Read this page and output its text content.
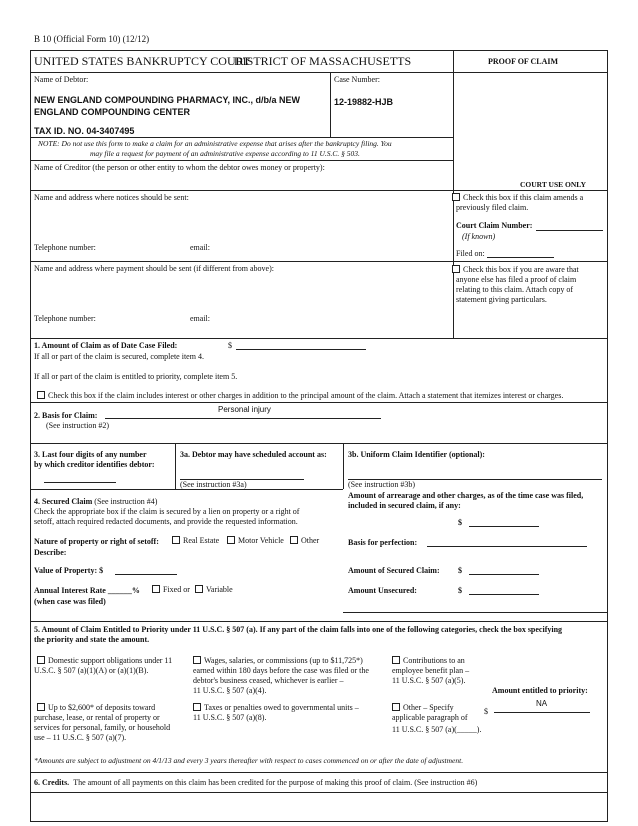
B 10 (Official Form 10) (12/12)
UNITED STATES BANKRUPTCY COURT
DISTRICT OF MASSACHUSETTS	PROOF OF CLAIM
Name of Debtor:	Case Number:
NEW ENGLAND COMPOUNDING PHARMACY, INC., d/b/a NEW
ENGLAND COMPOUNDING CENTER
12-19882-HJB
TAX ID. NO. 04-3407495
NOTE: Do not use this form to make a claim for an administrative expense that arises after the bankruptcy filing. You
may file a request for payment of an administrative expense according to 11 U.S.C. § 503.
Name of Creditor (the person or other entity to whom the debtor owes money or property):
COURT USE ONLY
Name and address where notices should be sent:
Telephone number:	email:
Name and address where payment should be sent (if different from above):
Telephone number:	email:
Check this box if this claim amends a
previously filed claim.
Court Claim Number:
(If known)
Filed on:
Check this box if you are aware that
anyone else has filed a proof of claim
relating to this claim. Attach copy of
statement giving particulars.
1. Amount of Claim as of Date Case Filed:	$
If all or part of the claim is secured, complete item 4.
If all or part of the claim is entitled to priority, complete item 5.
Check this box if the claim includes interest or other charges in addition to the principal amount of the claim. Attach a statement that itemizes interest or charges.
2. Basis for Claim:
Personal injury
(See instruction #2)
3. Last four digits of any number
by which creditor identifies debtor:
3a. Debtor may have scheduled account as:
(See instruction #3a)
3b. Uniform Claim Identifier (optional):
(See instruction #3b)
4. Secured Claim (See instruction #4)
Check the appropriate box if the claim is secured by a lien on property or a right of
setoff, attach required redacted documents, and provide the requested information.
Nature of property or right of setoff:	Real Estate	Motor Vehicle	Other
Describe:
Value of Property: $
Annual Interest Rate ______%	Fixed or	Variable
(when case was filed)
Amount of arrearage and other charges, as of the time case was filed,
included in secured claim, if any:
$
Basis for perfection:
Amount of Secured Claim: $
Amount Unsecured:	$
5. Amount of Claim Entitled to Priority under 11 U.S.C. § 507 (a). If any part of the claim falls into one of the following categories, check the box specifying
the priority and state the amount.
Domestic support obligations under 11
U.S.C. § 507 (a)(1)(A) or (a)(1)(B).
Wages, salaries, or commissions (up to $11,725*)
earned within 180 days before the case was filed or the
debtor's business ceased, whichever is earlier –
11 U.S.C. § 507 (a)(4).
Contributions to an
employee benefit plan –
11 U.S.C. § 507 (a)(5).
Amount entitled to priority:
Up to $2,600* of deposits toward
purchase, lease, or rental of property or
services for personal, family, or household
use – 11 U.S.C. § 507 (a)(7).
Taxes or penalties owed to governmental units –
11 U.S.C. § 507 (a)(8).
Other – Specify
applicable paragraph of
11 U.S.C. § 507 (a)(_____).
$
NA
*Amounts are subject to adjustment on 4/1/13 and every 3 years thereafter with respect to cases commenced on or after the date of adjustment.
6. Credits. The amount of all payments on this claim has been credited for the purpose of making this proof of claim. (See instruction #6)
